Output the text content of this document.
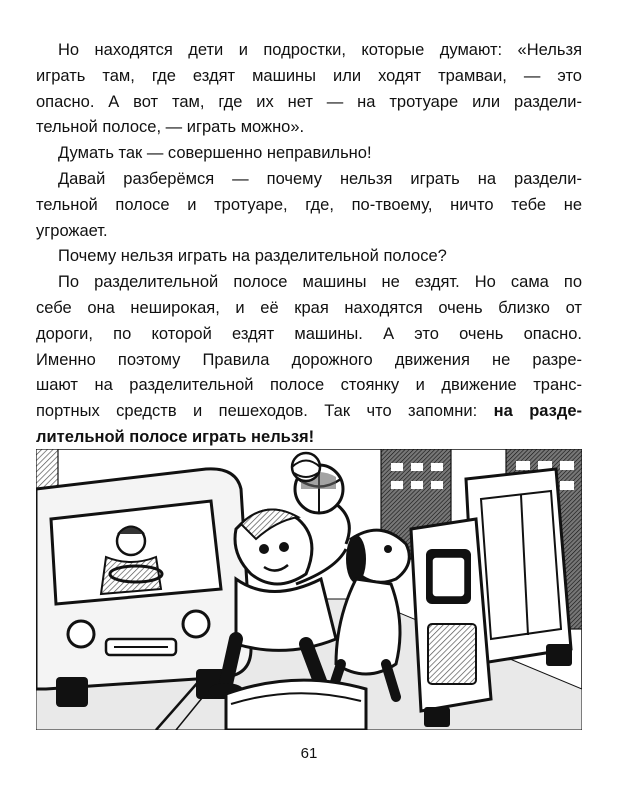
Но находятся дети и подростки, которые думают: «Нельзя
играть там, где ездят машины или ходят трамваи, — это
опасно. А вот там, где их нет — на тротуаре или раздели-
тельной полосе, — играть можно».

Думать так — совершенно неправильно!

Давай разберёмся — почему нельзя играть на раздели-
тельной полосе и тротуаре, где, по-твоему, ничто тебе не
угрожает.

Почему нельзя играть на разделительной полосе?

По разделительной полосе машины не ездят. Но сама по
себе она неширокая, и её края находятся очень близко от
дороги, по которой ездят машины. А это очень опасно.
Именно поэтому Правила дорожного движения не разре-
шают на разделительной полосе стоянку и движение транс-
портных средств и пешеходов. Так что запомни: на разде-
лительной полосе играть нельзя!

61
